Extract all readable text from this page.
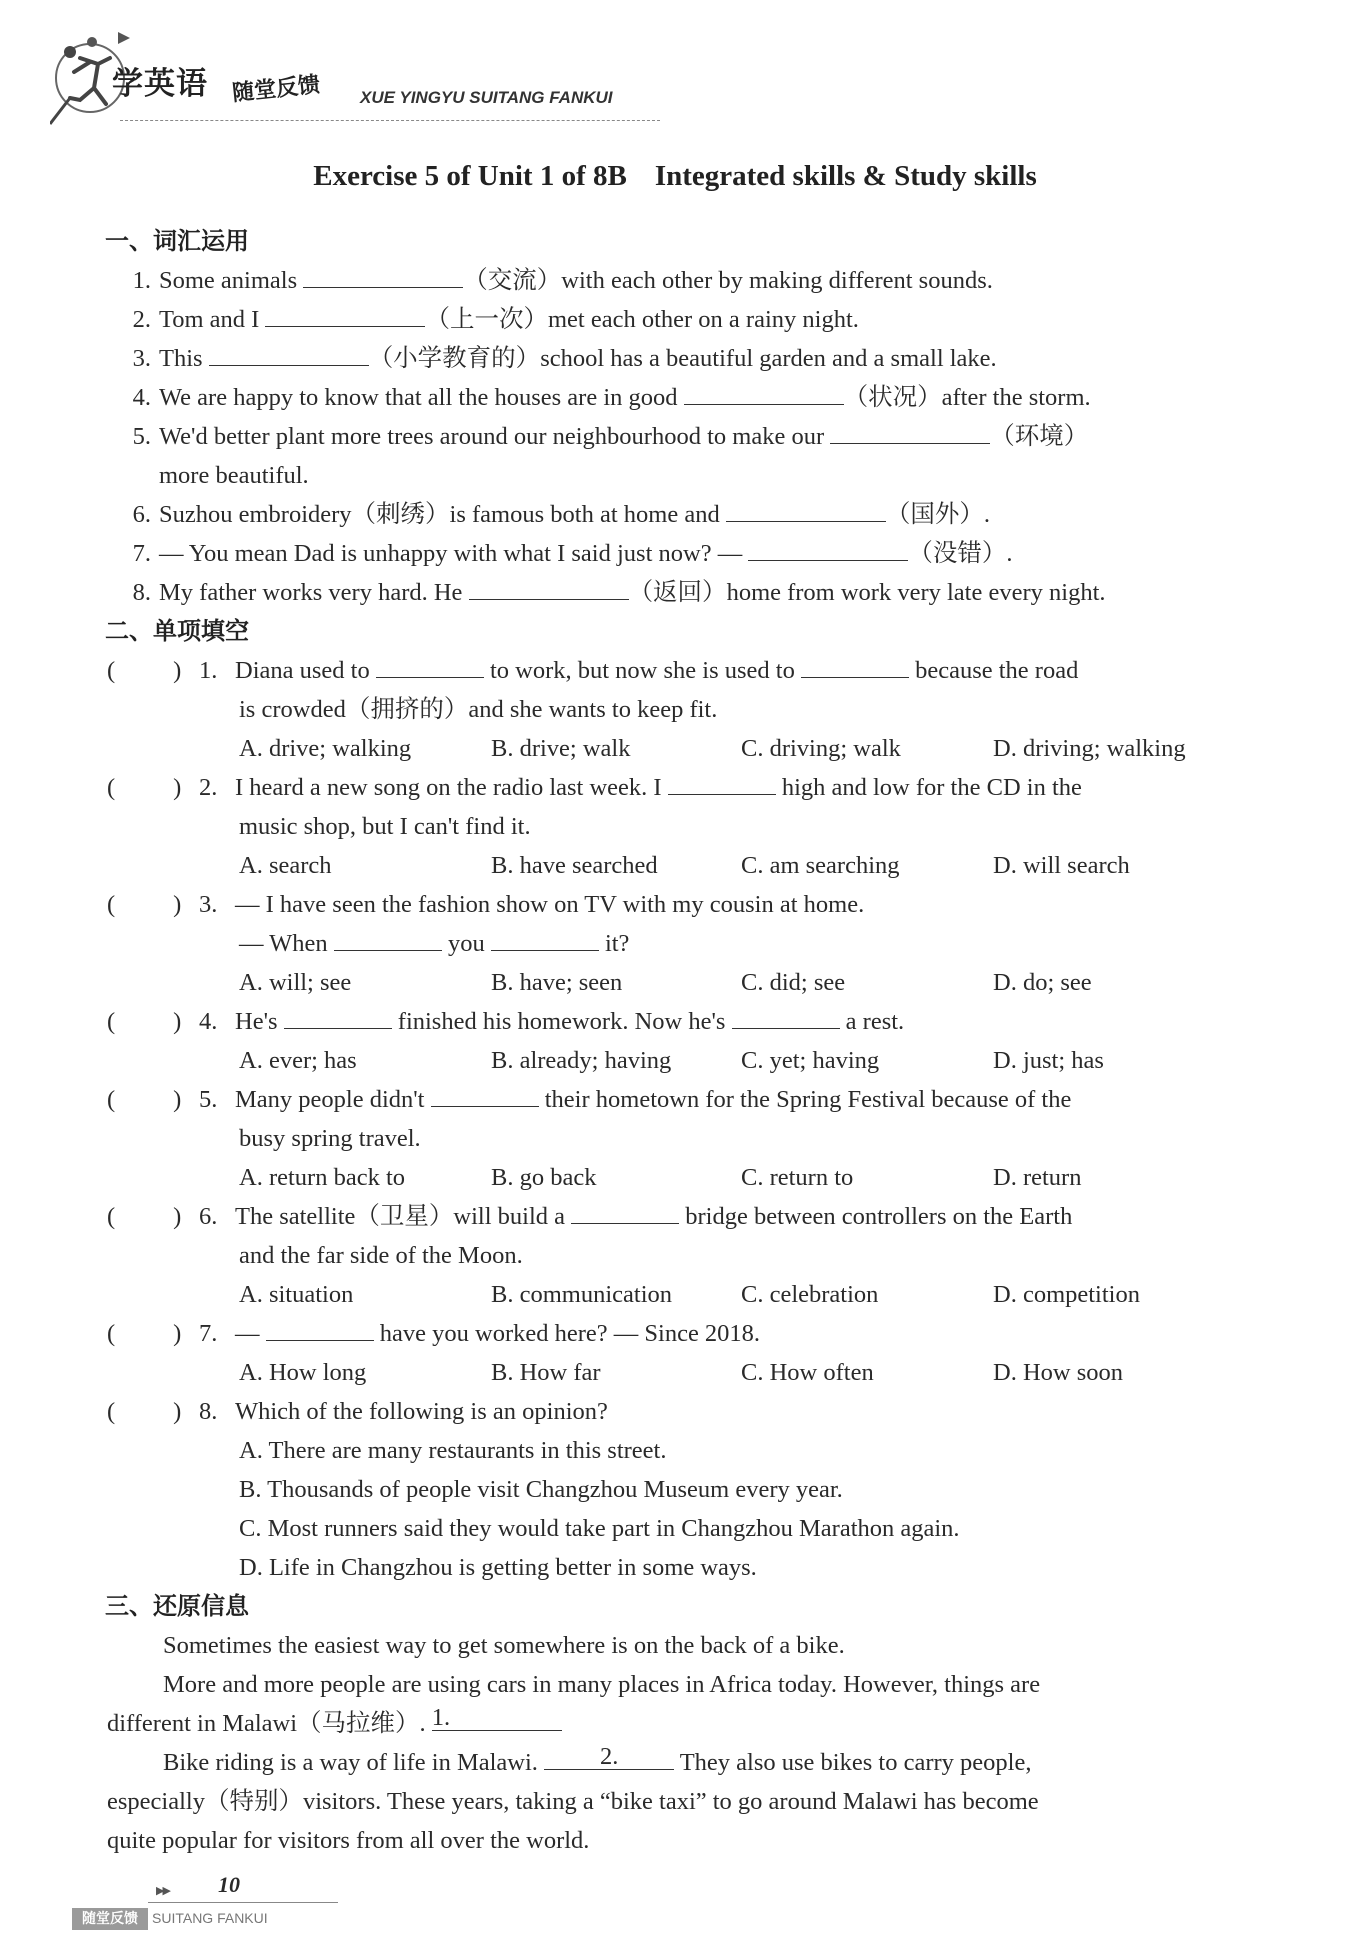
学英语 随堂反馈 XUE YINGYU SUITANG FANKUI
Exercise 5 of Unit 1 of 8B Integrated skills & Study skills
一、词汇运用
1. Some animals	（交流）with each other by making different sounds.
2. Tom and I	（上一次）met each other on a rainy night.
3. This	（小学教育的）school has a beautiful garden and a small lake.
4. We are happy to know that all the houses are in good	（状况）after the storm.
5. We'd better plant more trees around our neighbourhood to make our	（环境）
more beautiful.
6. Suzhou embroidery（刺绣）is famous both at home and	（国外）.
7. — You mean Dad is unhappy with what I said just now? —	（没错）.
8. My father works very hard. He	（返回）home from work very late every night.
二、单项填空
( ) 1. Diana used to	to work, but now she is used to	because the road
is crowded（拥挤的）and she wants to keep fit.
A. drive; walking	B. drive; walk	C. driving; walk	D. driving; walking
( ) 2. I heard a new song on the radio last week. I	high and low for the CD in the
music shop, but I can't find it.
A. search	B. have searched	C. am searching	D. will search
( ) 3. — I have seen the fashion show on TV with my cousin at home.
— When	you	it?
A. will; see	B. have; seen	C. did; see	D. do; see
( ) 4. He's	finished his homework. Now he's	a rest.
A. ever; has	B. already; having	C. yet; having	D. just; has
( ) 5. Many people didn't	their hometown for the Spring Festival because of the
busy spring travel.
A. return back to	B. go back	C. return to	D. return
( ) 6. The satellite（卫星）will build a	bridge between controllers on the Earth
and the far side of the Moon.
A. situation	B. communication	C. celebration	D. competition
( ) 7. —	have you worked here? — Since 2018.
A. How long	B. How far	C. How often	D. How soon
( ) 8. Which of the following is an opinion?
A. There are many restaurants in this street.
B. Thousands of people visit Changzhou Museum every year.
C. Most runners said they would take part in Changzhou Marathon again.
D. Life in Changzhou is getting better in some ways.
三、还原信息
Sometimes the easiest way to get somewhere is on the back of a bike.
More and more people are using cars in many places in Africa today. However, things are
different in Malawi（马拉维）. 1.
Bike riding is a way of life in Malawi.	2.	They also use bikes to carry people,
especially（特别）visitors. These years, taking a “bike taxi” to go around Malawi has become
quite popular for visitors from all over the world.
▶▶ 10
随堂反馈	SUITANG FANKUI
